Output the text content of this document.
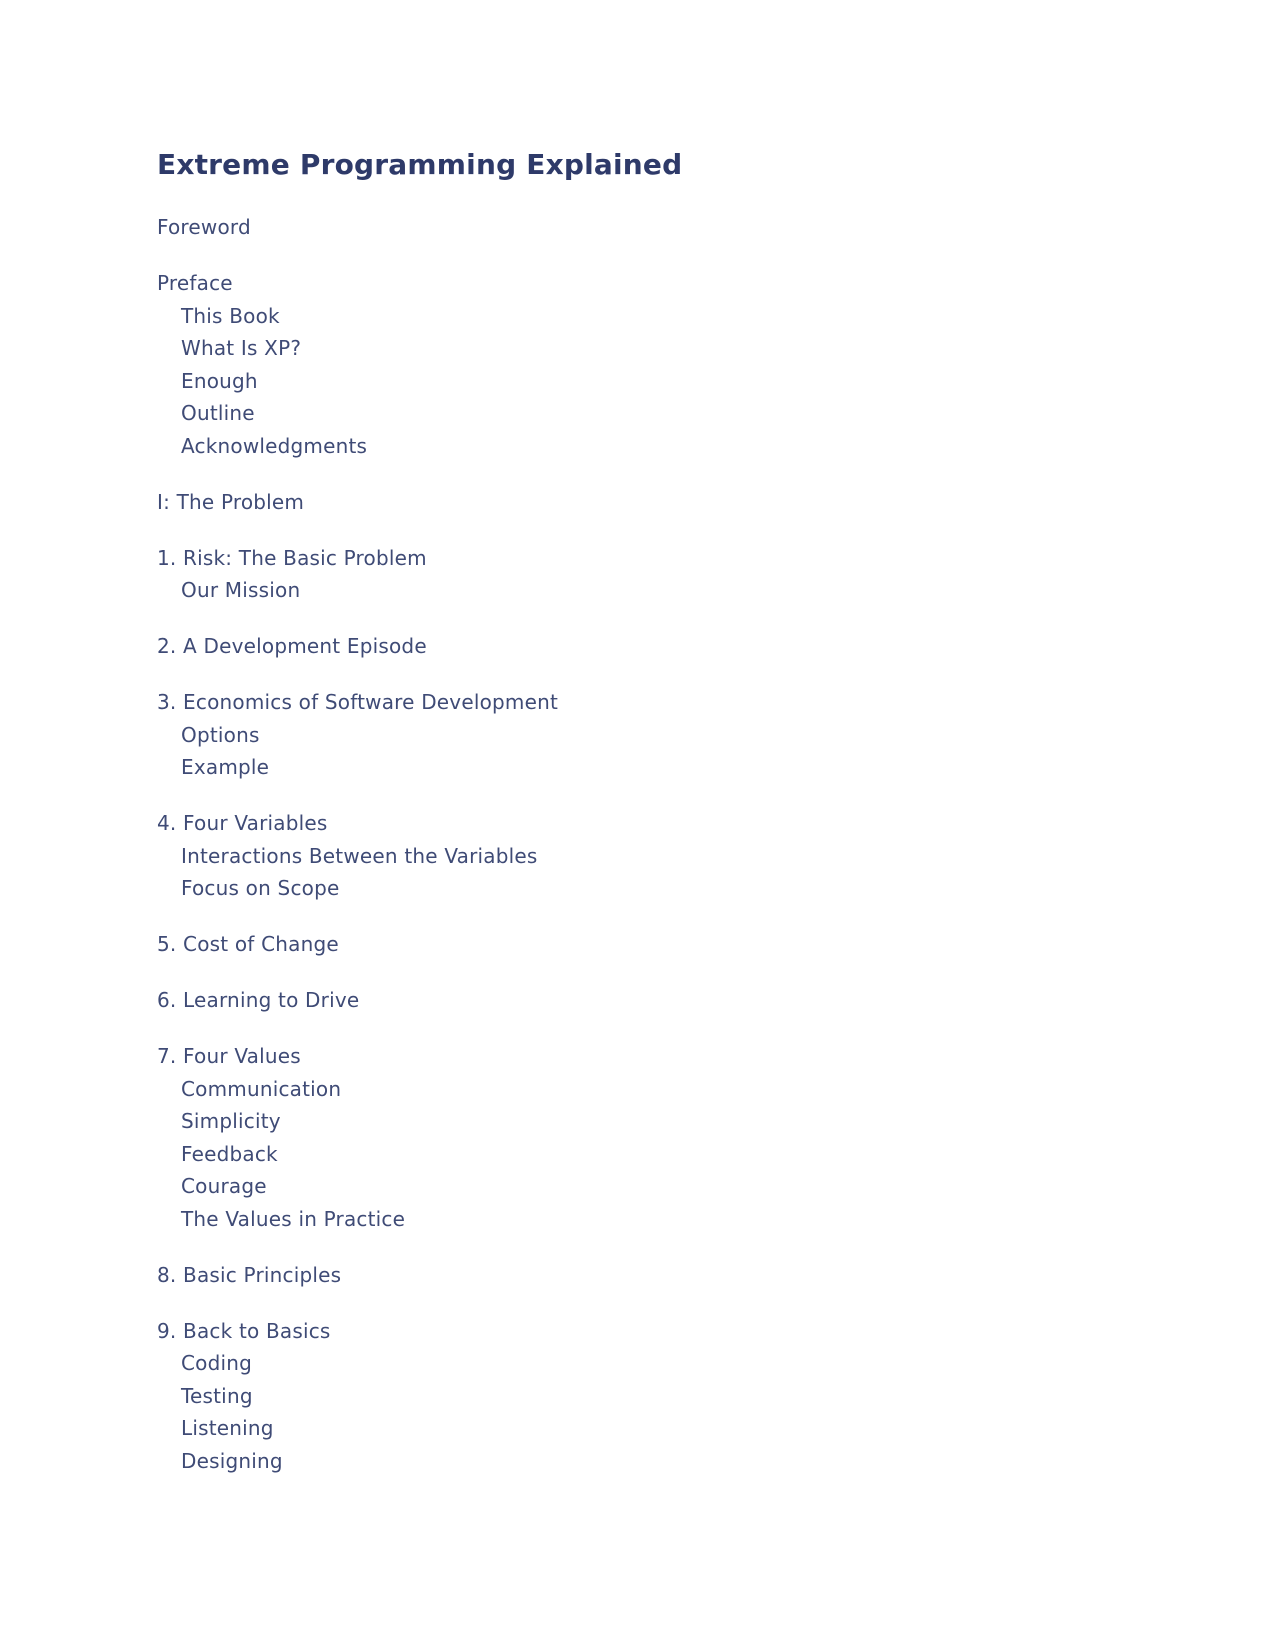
Extreme Programming Explained
Foreword
Preface
This Book
What Is XP?
Enough
Outline
Acknowledgments
I: The Problem
1. Risk: The Basic Problem
Our Mission
2. A Development Episode
3. Economics of Software Development
Options
Example
4. Four Variables
Interactions Between the Variables
Focus on Scope
5. Cost of Change
6. Learning to Drive
7. Four Values
Communication
Simplicity
Feedback
Courage
The Values in Practice
8. Basic Principles
9. Back to Basics
Coding
Testing
Listening
Designing
